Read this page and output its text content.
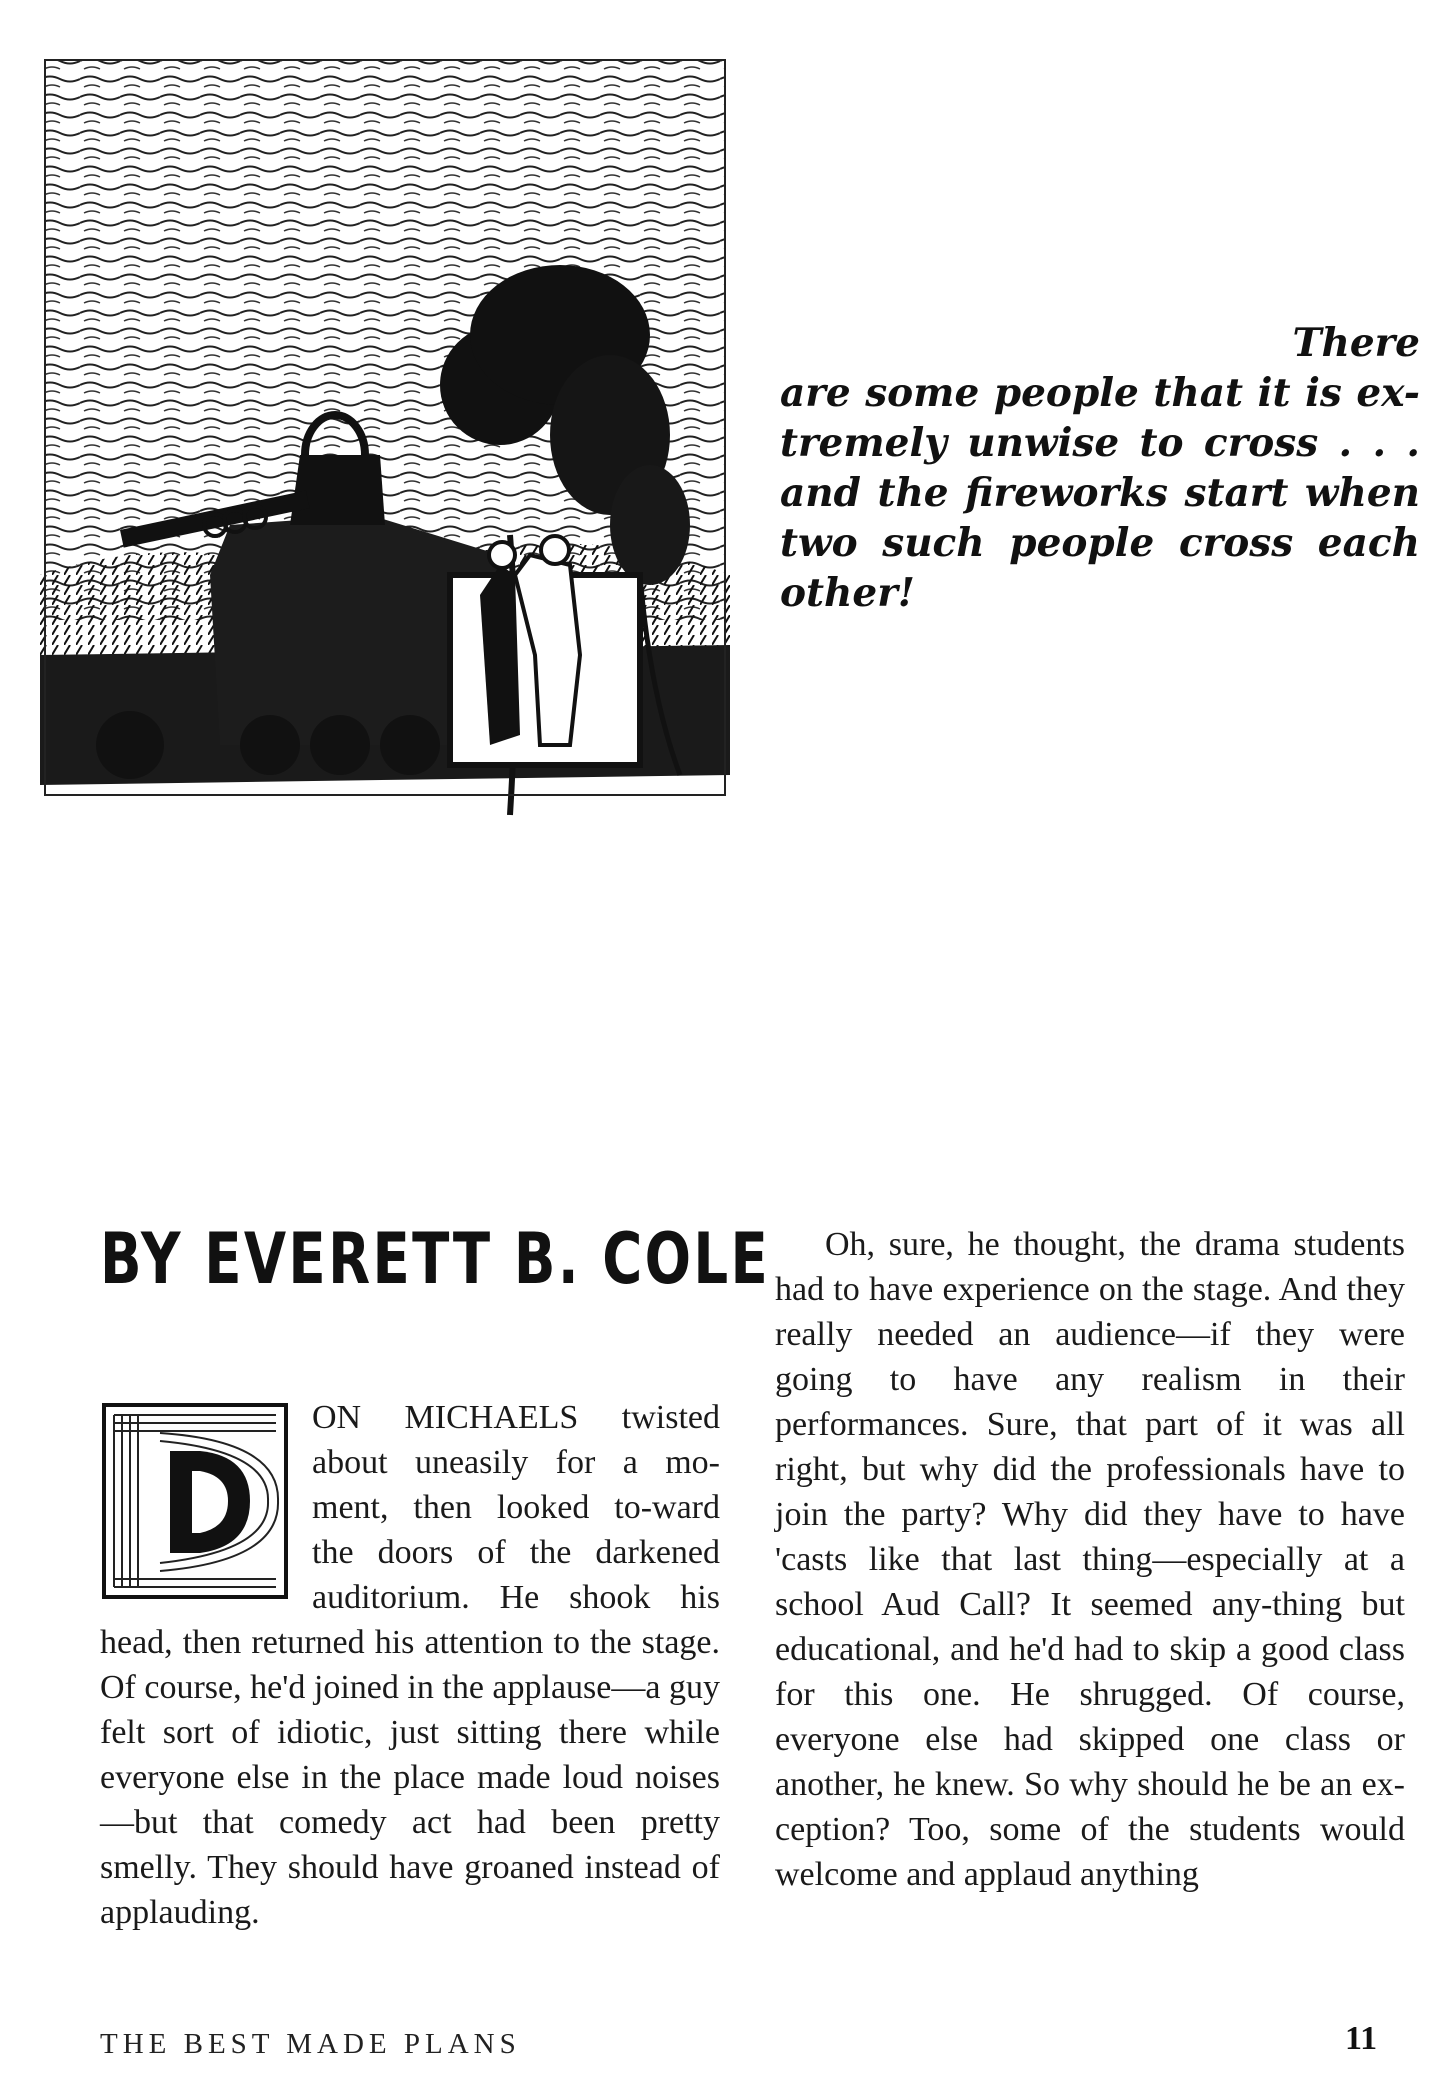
There
are some people that it is ex-tremely unwise to cross . . . and the fireworks start when two such people cross each other!
BY EVERETT B. COLE
D	ON MICHAELS twisted about uneasily for a mo-ment, then looked to-ward the doors of the darkened auditorium. He shook his head, then returned his attention to the stage. Of course, he'd joined in the applause—a guy felt sort of idiotic, just sitting there while everyone else in the place made loud noises—but that comedy act had been pretty smelly. They should have groaned instead of applauding.
Oh, sure, he thought, the drama students had to have experience on the stage. And they really needed an audience—if they were going to have any realism in their performances. Sure, that part of it was all right, but why did the professionals have to join the party? Why did they have to have 'casts like that last thing—especially at a school Aud Call? It seemed any-thing but educational, and he'd had to skip a good class for this one. He shrugged. Of course, everyone else had skipped one class or another, he knew. So why should he be an ex-ception? Too, some of the students would welcome and applaud anything
THE BEST MADE PLANS	11
